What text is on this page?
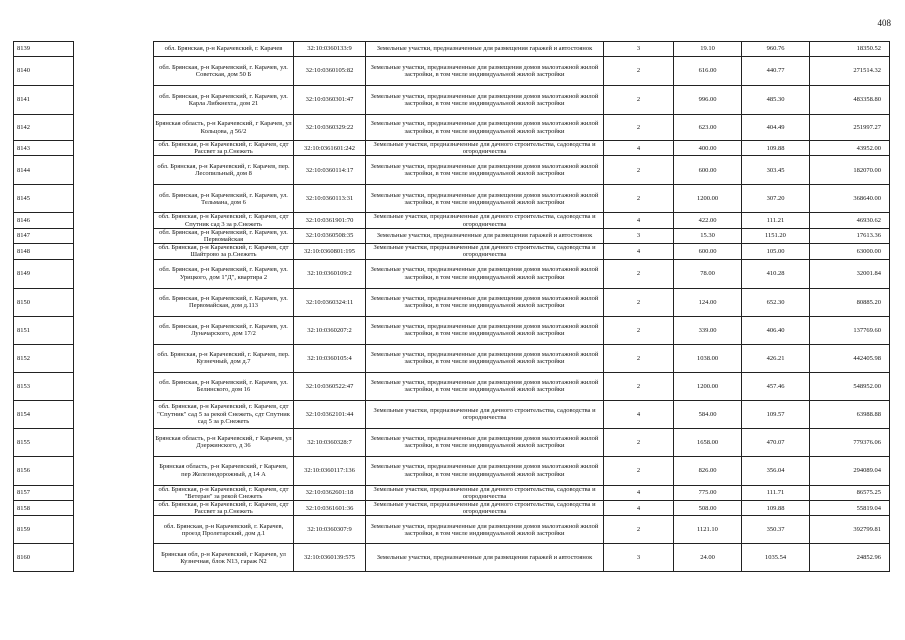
408
8139		обл. Брянская, р-н Карачевский, г. Карачев	32:10:0360133:9	Земельные участки, предназначенные для размещения гаражей и автостоянок	3	19.10	960.76	18350.52
8140		обл. Брянская, р-н Карачевский, г. Карачев, ул. Советская, дом 50 Б	32:10:0360105:82	Земельные участки, предназначенные для размещения домов малоэтажной жилой застройки, в том числе индивидуальной жилой застройки	2	616.00	440.77	271514.32
8141		обл. Брянская, р-н Карачевский, г. Карачев, ул. Карла Либкнехта, дом 21	32:10:0360301:47	Земельные участки, предназначенные для размещения домов малоэтажной жилой застройки, в том числе индивидуальной жилой застройки	2	996.00	485.30	483358.80
8142		Брянская область, р-н Карачевский, г Карачев, ул Кольцова, д 56/2	32:10:0360329:22	Земельные участки, предназначенные для размещения домов малоэтажной жилой застройки, в том числе индивидуальной жилой застройки	2	623.00	404.49	251997.27
8143		обл. Брянская, р-н Карачевский, г. Карачев, сдт Рассвет за р.Снежеть	32:10:0361601:242	Земельные участки, предназначенные для дачного строительства, садоводства и огородничества	4	400.00	109.88	43952.00
8144		обл. Брянская, р-н Карачевский, г. Карачев, пер. Лесопильный, дом 8	32:10:0360114:17	Земельные участки, предназначенные для размещения домов малоэтажной жилой застройки, в том числе индивидуальной жилой застройки	2	600.00	303.45	182070.00
8145		обл. Брянская, р-н Карачевский, г. Карачев, ул. Тельмана, дом 6	32:10:0360113:31	Земельные участки, предназначенные для размещения домов малоэтажной жилой застройки, в том числе индивидуальной жилой застройки	2	1200.00	307.20	368640.00
8146		обл. Брянская, р-н Карачевский, г. Карачев, сдт Спутник сад 3 за р.Снежеть	32:10:0361901:70	Земельные участки, предназначенные для дачного строительства, садоводства и огородничества	4	422.00	111.21	46930.62
8147		обл. Брянская, р-н Карачевский, г. Карачев, ул. Первомайская	32:10:0360508:35	Земельные участки, предназначенные для размещения гаражей и автостоянок	3	15.30	1151.20	17613.36
8148		обл. Брянская, р-н Карачевский, г. Карачев, сдт Шайтрово за р.Снежеть	32:10:0360801:195	Земельные участки, предназначенные для дачного строительства, садоводства и огородничества	4	600.00	105.00	63000.00
8149		обл. Брянская, р-н Карачевский, г. Карачев, ул. Урицкого, дом 1"Д", квартира 2	32:10:0360109:2	Земельные участки, предназначенные для размещения домов малоэтажной жилой застройки, в том числе индивидуальной жилой застройки	2	78.00	410.28	32001.84
8150		обл. Брянская, р-н Карачевский, г. Карачев, ул. Первомайская, дом д.113	32:10:0360324:11	Земельные участки, предназначенные для размещения домов малоэтажной жилой застройки, в том числе индивидуальной жилой застройки	2	124.00	652.30	80885.20
8151		обл. Брянская, р-н Карачевский, г. Карачев, ул. Луначарского, дом 17/2	32:10:0360207:2	Земельные участки, предназначенные для размещения домов малоэтажной жилой застройки, в том числе индивидуальной жилой застройки	2	339.00	406.40	137769.60
8152		обл. Брянская, р-н Карачевский, г. Карачев, пер. Кузнечный, дом д.7	32:10:0360105:4	Земельные участки, предназначенные для размещения домов малоэтажной жилой застройки, в том числе индивидуальной жилой застройки	2	1038.00	426.21	442405.98
8153		обл. Брянская, р-н Карачевский, г. Карачев, ул. Белинского, дом 16	32:10:0360522:47	Земельные участки, предназначенные для размещения домов малоэтажной жилой застройки, в том числе индивидуальной жилой застройки	2	1200.00	457.46	548952.00
8154		обл. Брянская, р-н Карачевский, г. Карачев, сдт "Спутник" сад 5 за рекой Снежеть, сдт Спутник сад 5 за р.Снежеть	32:10:0362101:44	Земельные участки, предназначенные для дачного строительства, садоводства и огородничества	4	584.00	109.57	63988.88
8155		Брянская область, р-н Карачевский, г Карачев, ул Дзержинского, д 36	32:10:0360328:7	Земельные участки, предназначенные для размещения домов малоэтажной жилой застройки, в том числе индивидуальной жилой застройки	2	1658.00	470.07	779376.06
8156		Брянская область, р-н Карачевский, г Карачев, пер Железнодорожный, д 14 А	32:10:0360117:136	Земельные участки, предназначенные для размещения домов малоэтажной жилой застройки, в том числе индивидуальной жилой застройки	2	826.00	356.04	294089.04
8157		обл. Брянская, р-н Карачевский, г. Карачев, сдт "Ветеран" за рекой Снежеть	32:10:0362601:18	Земельные участки, предназначенные для дачного строительства, садоводства и огородничества	4	775.00	111.71	86575.25
8158		обл. Брянская, р-н Карачевский, г. Карачев, сдт Рассвет за р.Снежеть	32:10:0361601:36	Земельные участки, предназначенные для дачного строительства, садоводства и огородничества	4	508.00	109.88	55819.04
8159		обл. Брянская, р-н Карачевский, г. Карачев, проезд Пролетарский, дом д.1	32:10:0360307:9	Земельные участки, предназначенные для размещения домов малоэтажной жилой застройки, в том числе индивидуальной жилой застройки	2	1121.10	350.37	392799.81
8160		Брянская обл, р-н Карачевский, г Карачев, ул Кузнечная, блок N13, гараж N2	32:10:0360139:575	Земельные участки, предназначенные для размещения гаражей и автостоянок	3	24.00	1035.54	24852.96
